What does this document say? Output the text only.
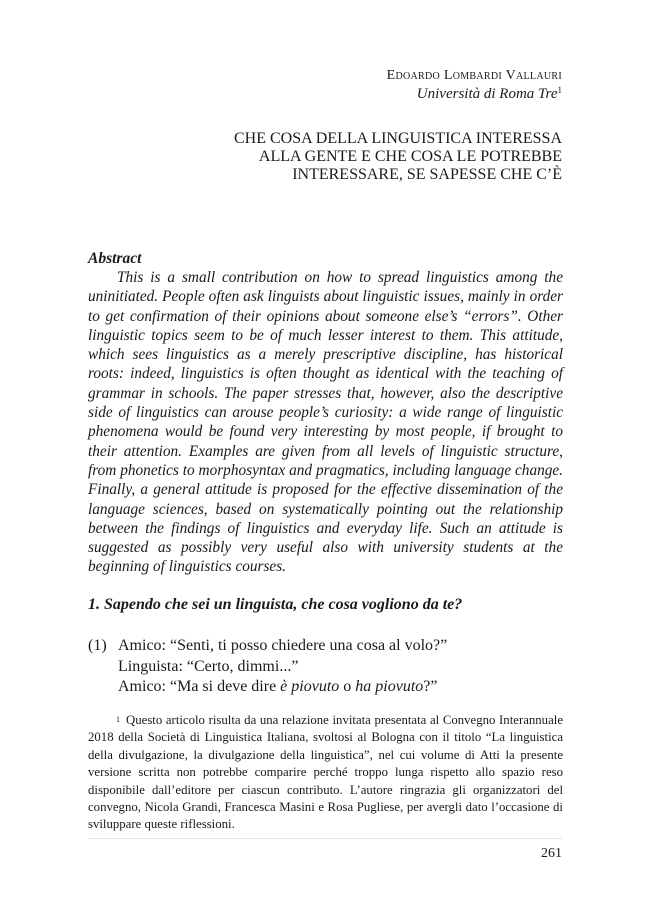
Edoardo Lombardi Vallauri
Università di Roma Tre$^1$
CHE COSA DELLA LINGUISTICA INTERESSA
ALLA GENTE E CHE COSA LE POTREBBE
INTERESSARE, SE SAPESSE CHE C’È
Abstract
This is a small contribution on how to spread linguistics among the uninitiated. People often ask linguists about linguistic issues, mainly in order to get confirmation of their opinions about someone else’s “errors”. Other linguistic topics seem to be of much lesser interest to them. This attitude, which sees linguistics as a merely prescriptive discipline, has historical roots: indeed, linguistics is often thought as identical with the teaching of grammar in schools. The paper stresses that, however, also the descriptive side of linguistics can arouse people’s curiosity: a wide range of linguistic phenomena would be found very interesting by most people, if brought to their attention. Examples are given from all levels of linguistic structure, from phonetics to morphosyntax and pragmatics, including language change. Finally, a general attitude is proposed for the effective dissemination of the language sciences, based on systematically pointing out the relationship between the findings of linguistics and everyday life. Such an attitude is suggested as possibly very useful also with university students at the beginning of linguistics courses.
1. Sapendo che sei un linguista, che cosa vogliono da te?
(1) Amico: “Senti, ti posso chiedere una cosa al volo?”
Linguista: “Certo, dimmi...”
Amico: “Ma si deve dire è piovuto o ha piovuto?”
$^1$ Questo articolo risulta da una relazione invitata presentata al Convegno Interannuale 2018 della Società di Linguistica Italiana, svoltosi al Bologna con il titolo “La linguistica della divulgazione, la divulgazione della linguistica”, nel cui volume di Atti la presente versione scritta non potrebbe comparire perché troppo lunga rispetto allo spazio reso disponibile dall’editore per ciascun contributo. L’autore ringrazia gli organizzatori del convegno, Nicola Grandi, Francesca Masini e Rosa Pugliese, per avergli dato l’occasione di sviluppare queste riflessioni.
261
